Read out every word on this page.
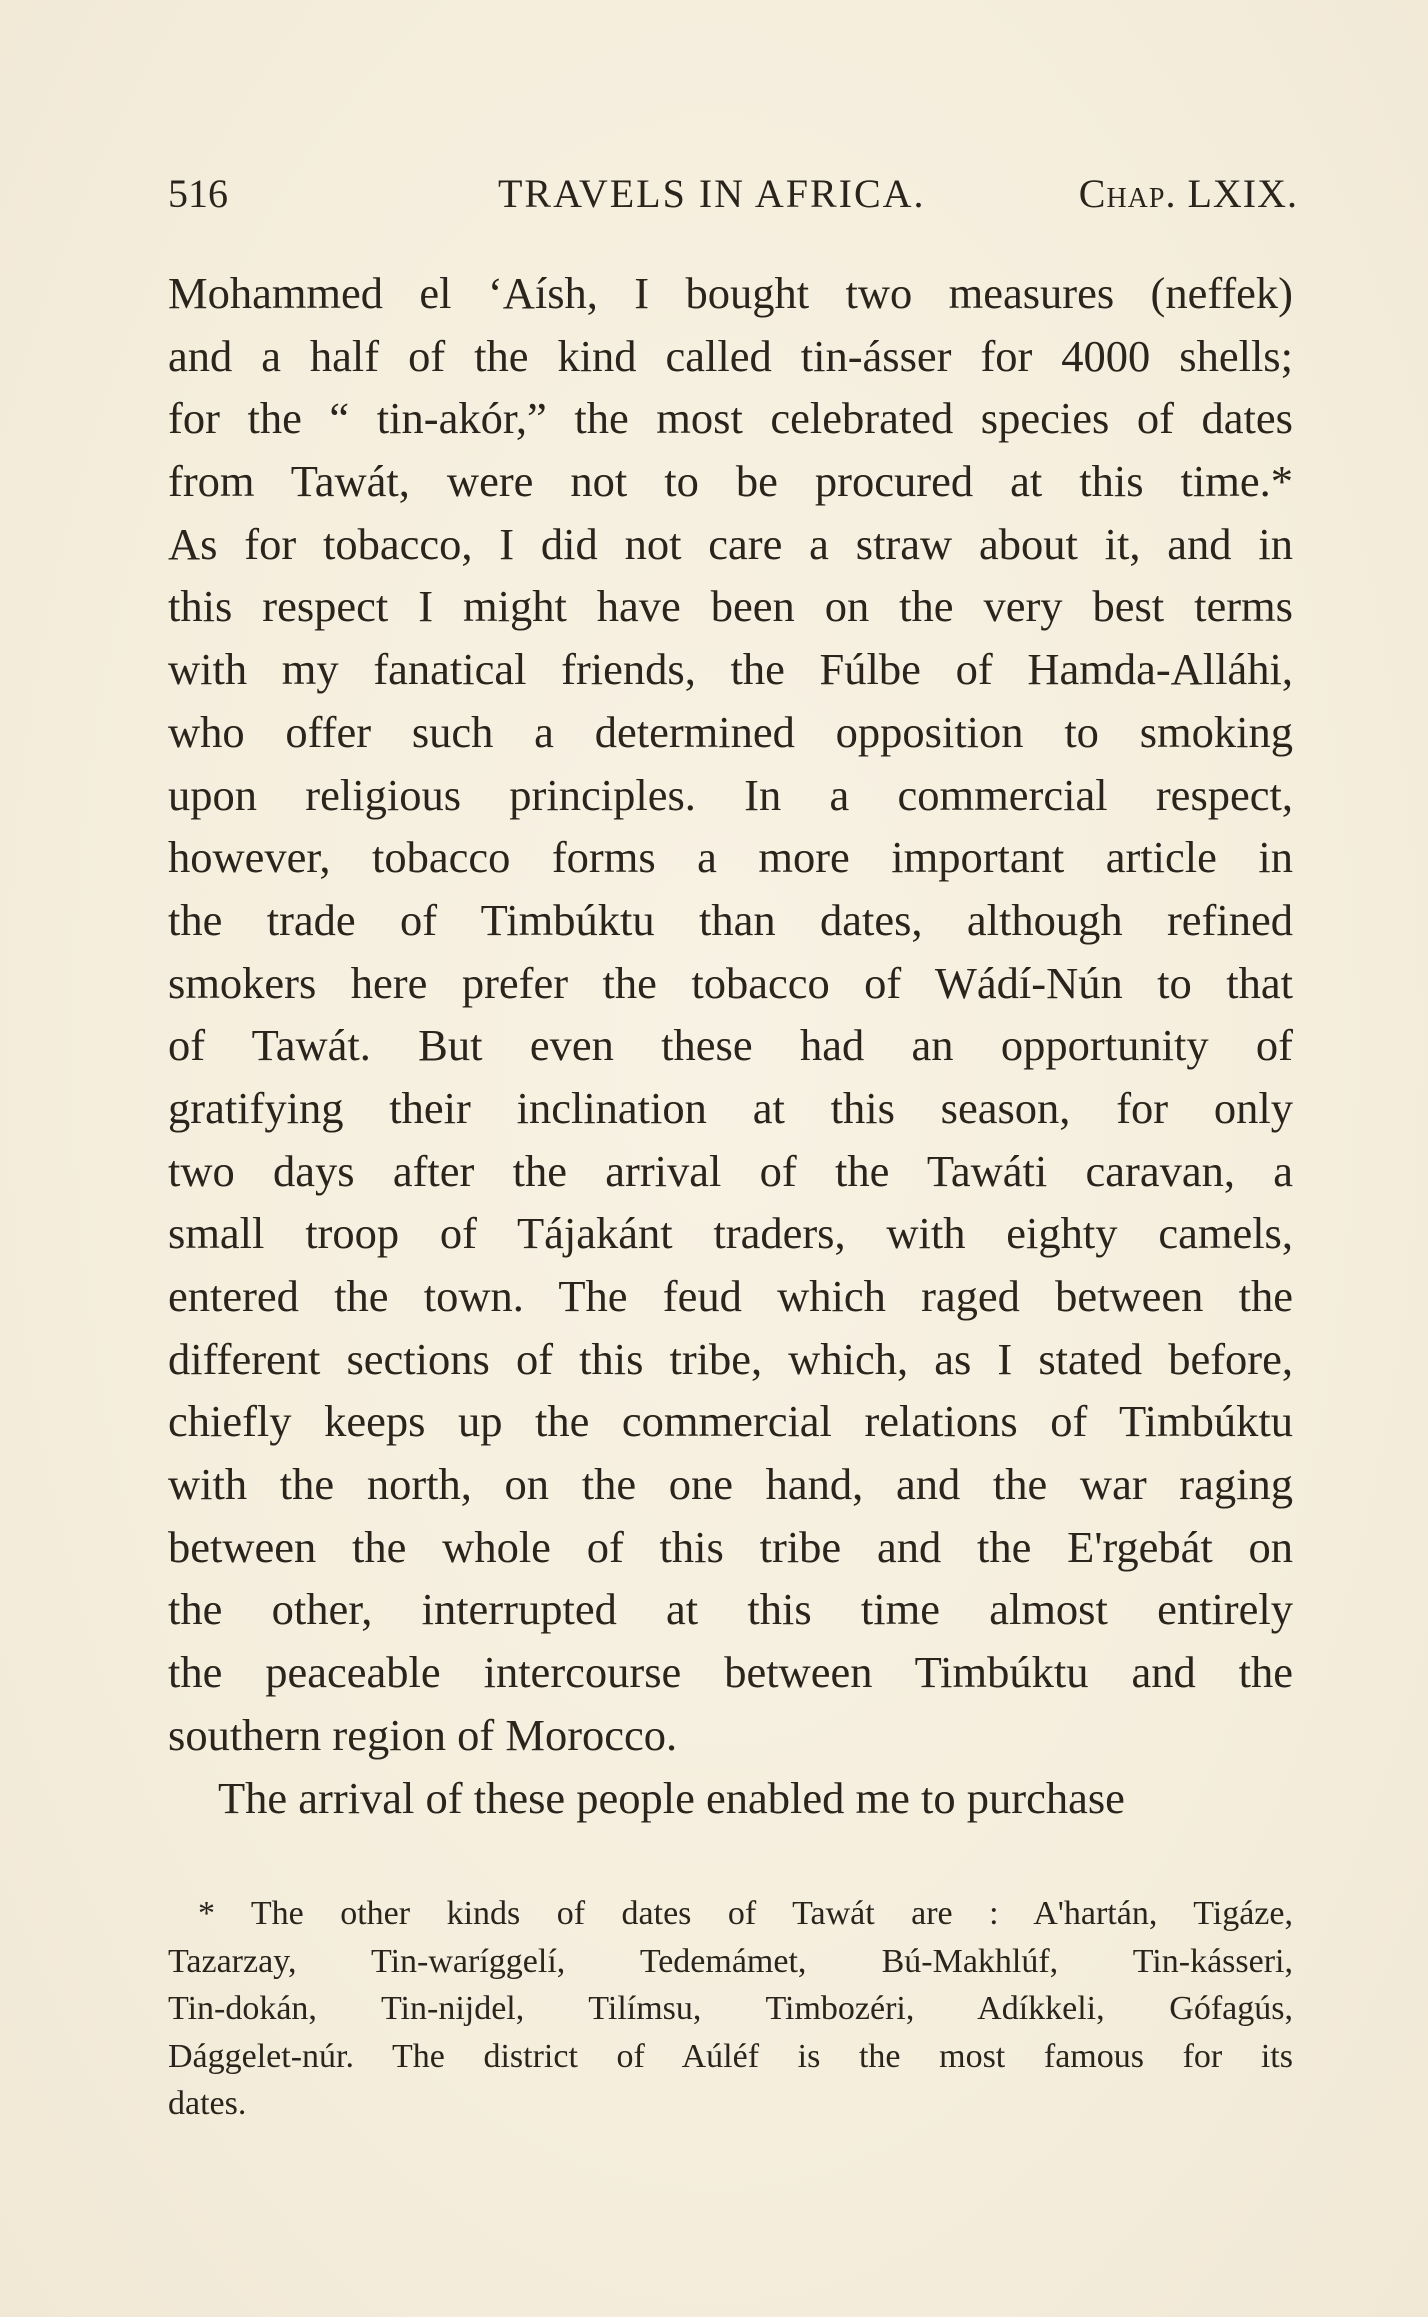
516	TRAVELS IN AFRICA.	Chap. LXIX.
Mohammed el ʻAísh, I bought two measures (neffek)
and a half of the kind called tin-ásser for 4000 shells;
for the “ tin-akór,” the most celebrated species of dates
from Tawát, were not to be procured at this time.*
As for tobacco, I did not care a straw about it, and in
this respect I might have been on the very best terms
with my fanatical friends, the Fúlbe of Hamda-Alláhi,
who offer such a determined opposition to smoking
upon religious principles. In a commercial respect,
however, tobacco forms a more important article in
the trade of Timbúktu than dates, although refined
smokers here prefer the tobacco of Wádí-Nún to that
of Tawát. But even these had an opportunity of
gratifying their inclination at this season, for only
two days after the arrival of the Tawáti caravan, a
small troop of Tájakánt traders, with eighty camels,
entered the town. The feud which raged between the
different sections of this tribe, which, as I stated before,
chiefly keeps up the commercial relations of Timbúktu
with the north, on the one hand, and the war raging
between the whole of this tribe and the E'rgebát on
the other, interrupted at this time almost entirely
the peaceable intercourse between Timbúktu and the
southern region of Morocco.
The arrival of these people enabled me to purchase
* The other kinds of dates of Tawát are : A'hartán, Tigáze,
Tazarzay, Tin-waríggelí, Tedemámet, Bú-Makhlúf, Tin-kásseri,
Tin-dokán, Tin-nijdel, Tilímsu, Timbozéri, Adíkkeli, Gófagús,
Dággelet-núr. The district of Aúléf is the most famous for its
dates.
